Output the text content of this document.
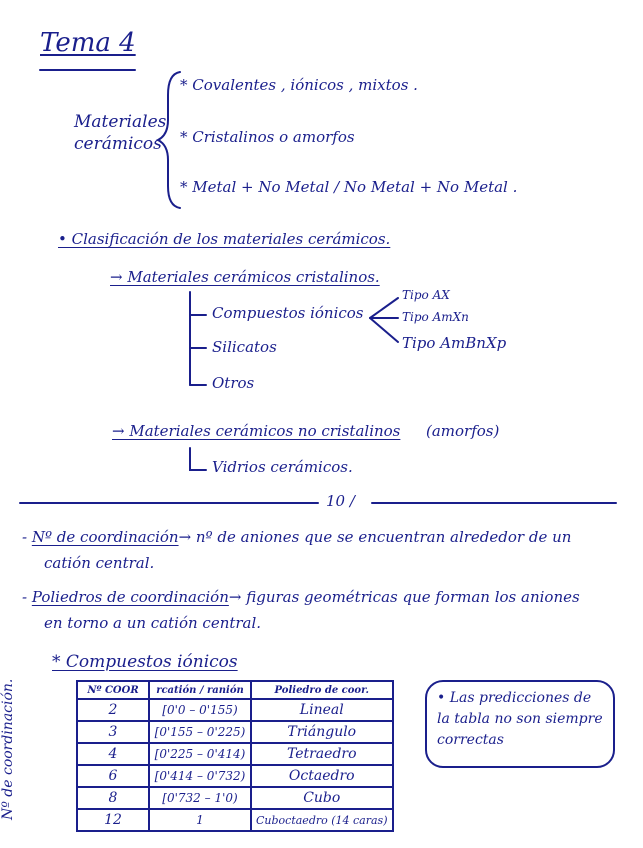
Tema 4
Materiales
cerámicos
* Covalentes , iónicos , mixtos .
* Cristalinos o amorfos
* Metal + No Metal / No Metal + No Metal .
• Clasificación de los materiales cerámicos.
→ Materiales cerámicos cristalinos.
Compuestos iónicos
Silicatos
Otros
Tipo AX
Tipo AmXn
Tipo AmBnXp
→ Materiales cerámicos no cristalinos (amorfos)
Vidrios cerámicos.
10 /
- Nº de coordinación→ nº de aniones que se encuentran alrededor de un
catión central.
- Poliedros de coordinación→ figuras geométricas que forman los aniones
en torno a un catión central.
* Compuestos iónicos
Nº de coordinación.	Nº COOR	rcatión / ranión	Poliedro de coor.
2	[0'0 – 0'155)	Lineal
3	[0'155 – 0'225)	Triángulo
4	[0'225 – 0'414)	Tetraedro
6	[0'414 – 0'732)	Octaedro
8	[0'732 – 1'0)	Cubo
12	1	Cuboctaedro (14 caras)
• Las predicciones de la tabla no son siempre correctas
